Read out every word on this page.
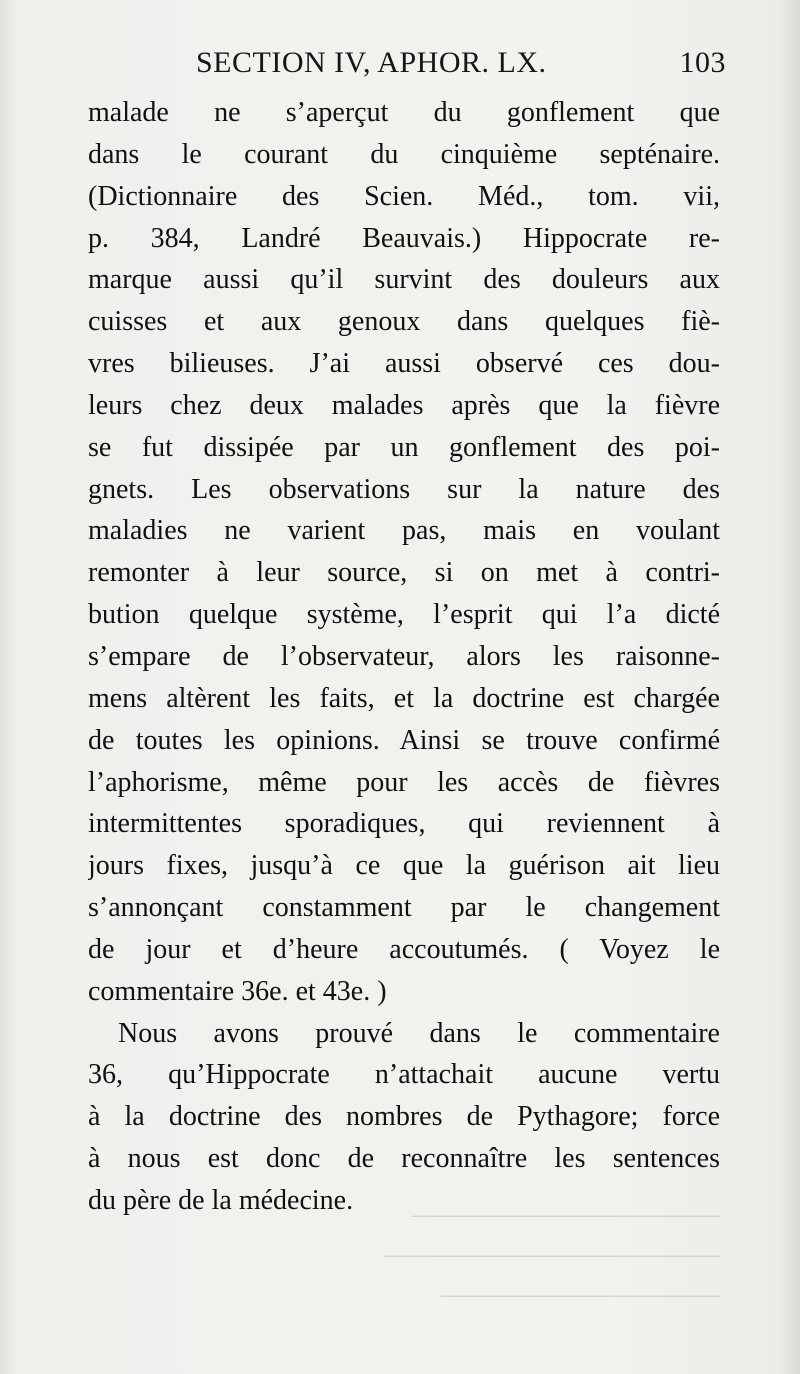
SECTION IV, APHOR. LX.	103
malade ne s’aperçut du gonflement que
dans le courant du cinquième septénaire.
(Dictionnaire des Scien. Méd., tom. vii,
p. 384, Landré Beauvais.) Hippocrate re-
marque aussi qu’il survint des douleurs aux
cuisses et aux genoux dans quelques fiè-
vres bilieuses. J’ai aussi observé ces dou-
leurs chez deux malades après que la fièvre
se fut dissipée par un gonflement des poi-
gnets. Les observations sur la nature des
maladies ne varient pas, mais en voulant
remonter à leur source, si on met à contri-
bution quelque système, l’esprit qui l’a dicté
s’empare de l’observateur, alors les raisonne-
mens altèrent les faits, et la doctrine est chargée
de toutes les opinions. Ainsi se trouve confirmé
l’aphorisme, même pour les accès de fièvres
intermittentes sporadiques, qui reviennent à
jours fixes, jusqu’à ce que la guérison ait lieu
s’annonçant constamment par le changement
de jour et d’heure accoutumés. ( Voyez le
commentaire 36e. et 43e. )
Nous avons prouvé dans le commentaire
36, qu’Hippocrate n’attachait aucune vertu
à la doctrine des nombres de Pythagore; force
à nous est donc de reconnaître les sentences
du père de la médecine.	———————————
————————————
——————————
